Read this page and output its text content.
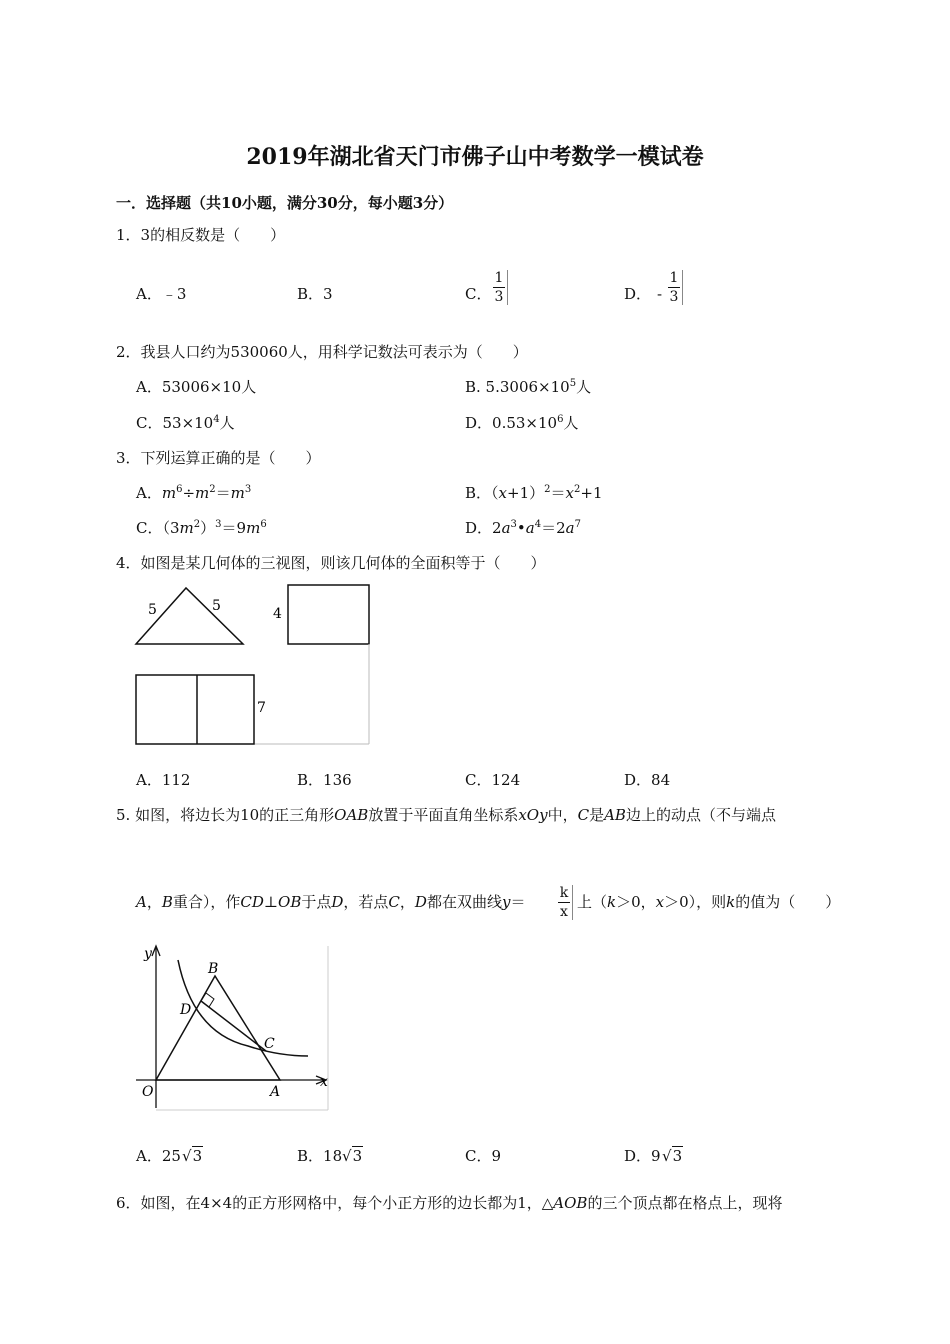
2019年湖北省天门市佛子山中考数学一模试卷
一．选择题（共10小题，满分30分，每小题3分）
1．3的相反数是（　　）
A．﹣3	B．3	C．
1
3	D． -
1
3
2．我县人口约为530060人，用科学记数法可表示为（　　）
A．53006×10人	B. $5.3006\times 10^5$人
C．$53\times 10^4$人	D．$0.53\times 10^6$人
3．下列运算正确的是（　　）
A．$m^6\div m^2=m^3$	B．$(x+1)^2=x^2+1$
C．$(3m^2)^3=9m^6$	D．$2a^3•a^4=2a^7$
4．如图是某几何体的三视图，则该几何体的全面积等于（　　）
5	5	4
7
A．112	B．136	C．124	D．84
5. 如图，将边长为10的正三角形OAB放置于平面直角坐标系xOy中，C是AB边上的动点（不与端点
A，B重合），作CD⊥OB于点D，若点C，D都在双曲线y＝ k
x
上（k＞0，x＞0），则k的值为（　　）
y
x
O	A
B
C
D
A．25 √3	B．18 √3	C．9	D．9 √3
6．如图，在4×4的正方形网格中，每个小正方形的边长都为1，△AOB的三个顶点都在格点上，现将
